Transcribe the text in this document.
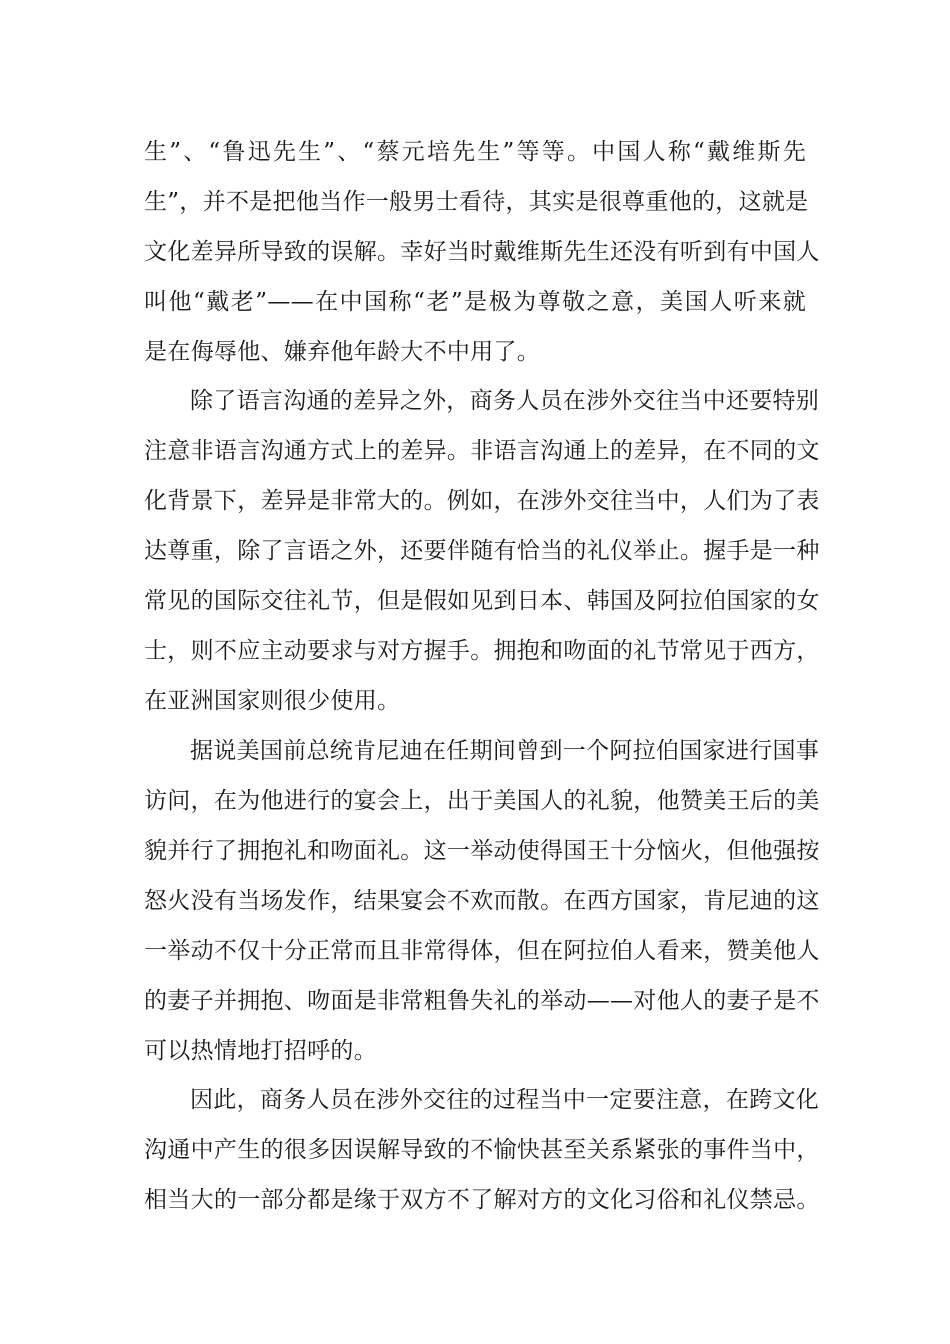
生”、“鲁迅先生”、“蔡元培先生”等等。中国人称“戴维斯先
生”，并不是把他当作一般男士看待，其实是很尊重他的，这就是
文化差异所导致的误解。幸好当时戴维斯先生还没有听到有中国人
叫他“戴老”——在中国称“老”是极为尊敬之意，美国人听来就
是在侮辱他、嫌弃他年龄大不中用了。
除了语言沟通的差异之外，商务人员在涉外交往当中还要特别
注意非语言沟通方式上的差异。非语言沟通上的差异，在不同的文
化背景下，差异是非常大的。例如，在涉外交往当中，人们为了表
达尊重，除了言语之外，还要伴随有恰当的礼仪举止。握手是一种
常见的国际交往礼节，但是假如见到日本、韩国及阿拉伯国家的女
士，则不应主动要求与对方握手。拥抱和吻面的礼节常见于西方，
在亚洲国家则很少使用。
据说美国前总统肯尼迪在任期间曾到一个阿拉伯国家进行国事
访问，在为他进行的宴会上，出于美国人的礼貌，他赞美王后的美
貌并行了拥抱礼和吻面礼。这一举动使得国王十分恼火，但他强按
怒火没有当场发作，结果宴会不欢而散。在西方国家，肯尼迪的这
一举动不仅十分正常而且非常得体，但在阿拉伯人看来，赞美他人
的妻子并拥抱、吻面是非常粗鲁失礼的举动——对他人的妻子是不
可以热情地打招呼的。
因此，商务人员在涉外交往的过程当中一定要注意，在跨文化
沟通中产生的很多因误解导致的不愉快甚至关系紧张的事件当中，
相当大的一部分都是缘于双方不了解对方的文化习俗和礼仪禁忌。
